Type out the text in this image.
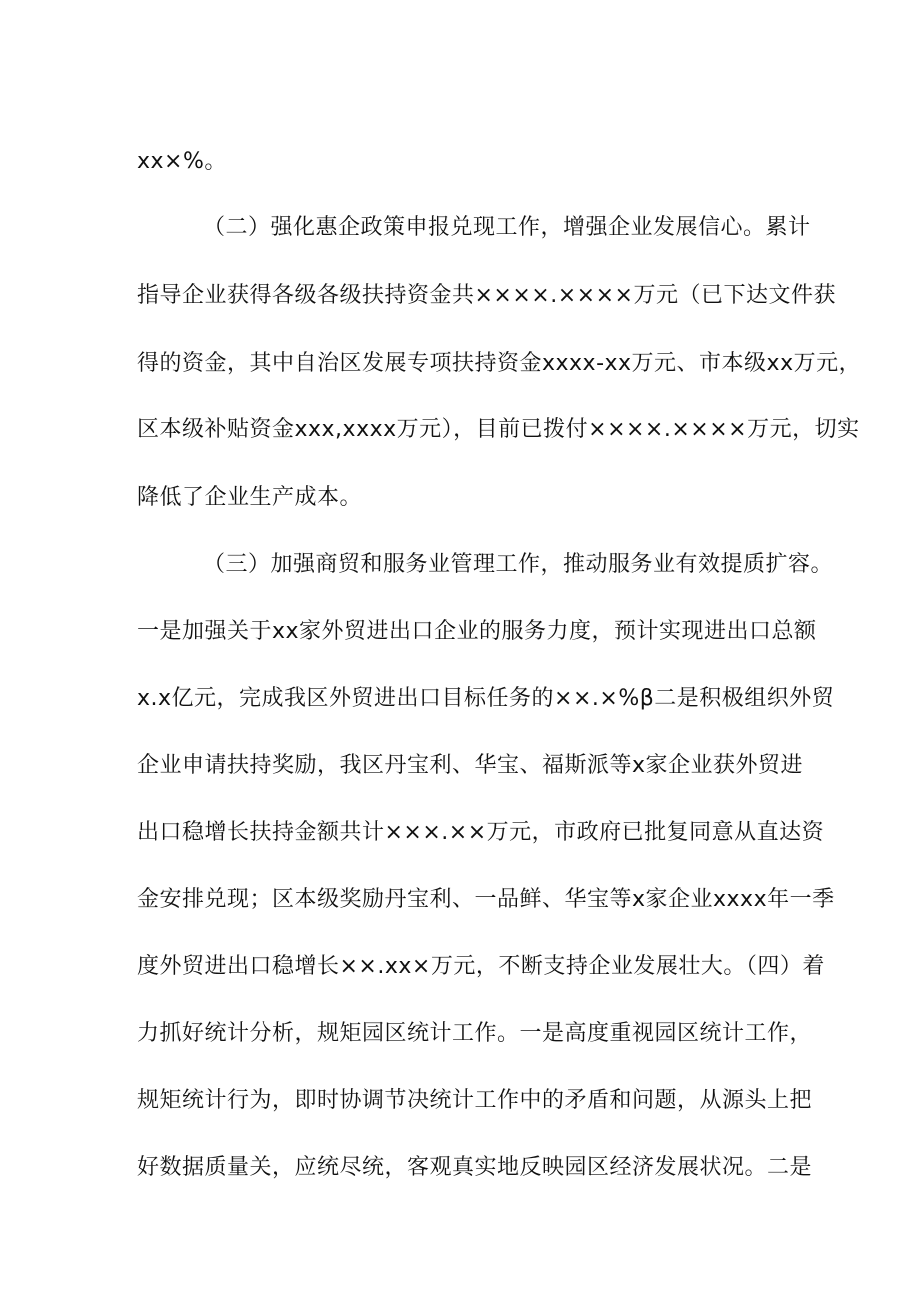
xx×%。
（二）强化惠企政策申报兑现工作，增强企业发展信心。累计
指导企业获得各级各级扶持资金共××××.××××万元（已下达文件获
得的资金，其中自治区发展专项扶持资金xxxx-xx万元、市本级xx万元，
区本级补贴资金xxx,xxxx万元），目前已拨付××××.××××万元，切实
降低了企业生产成本。
（三）加强商贸和服务业管理工作，推动服务业有效提质扩容。
一是加强关于xx家外贸进出口企业的服务力度，预计实现进出口总额
x.x亿元，完成我区外贸进出口目标任务的××.×%β二是积极组织外贸
企业申请扶持奖励，我区丹宝利、华宝、福斯派等x家企业获外贸进
出口稳增长扶持金额共计×××.××万元，市政府已批复同意从直达资
金安排兑现；区本级奖励丹宝利、一品鲜、华宝等x家企业xxxx年一季
度外贸进出口稳增长××.xx×万元，不断支持企业发展壮大。（四）着
力抓好统计分析，规矩园区统计工作。一是高度重视园区统计工作，
规矩统计行为，即时协调节决统计工作中的矛盾和问题，从源头上把
好数据质量关，应统尽统，客观真实地反映园区经济发展状况。二是
